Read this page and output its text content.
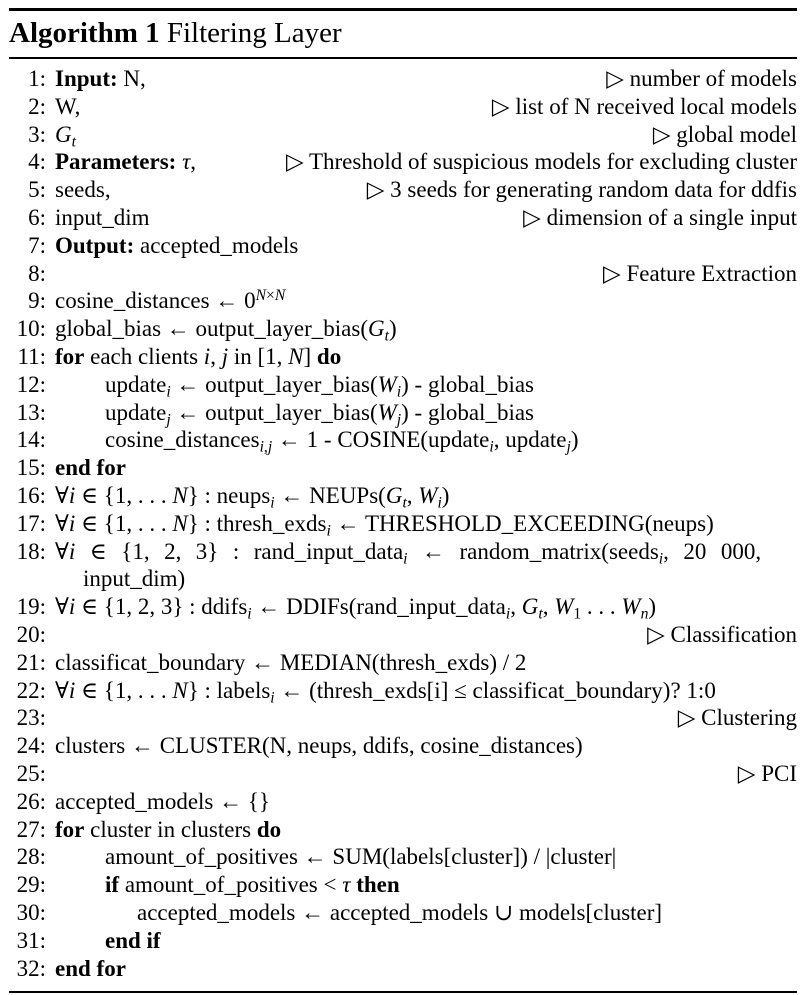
Algorithm 1 Filtering Layer
1: Input: N,	▷ number of models
2: W,	▷ list of N received local models
3: $G_t$	▷ global model
4: Parameters: τ,	▷ Threshold of suspicious models for excluding cluster
5: seeds,	▷ 3 seeds for generating random data for ddfis
6: input_dim	▷ dimension of a single input
7: Output: accepted_models
8:	▷ Feature Extraction
9: cosine_distances ← $0^{N\times N}$
10: global_bias ← $output\_layer\_bias(G_t)$
11: for each clients i, j in [1, N] do
12:	update$_i$ ← $output\_layer\_bias(W_i)$ - global_bias
13:	update$_j$ ← $output\_layer\_bias(W_j)$ - global_bias
14:	cosine_distances$_{i,j}$ ← 1 - COSINE(update$_i$, update$_j$)
15: end for
16: ∀i ∈ {1, . . . N} : neups$_i$ ← $NEUPs(G_t$, $W_i$)
17: ∀i ∈ {1, . . . N} : thresh_exds$_i$ ← THRESHOLD_EXCEEDING(neups)
18: ∀i ∈ {1, 2, 3} : rand_input_data$_i$ ← random_matrix(seeds$_i$, 20 000,
input_dim)
19: ∀i ∈ {1, 2, 3} : ddifs$_i$ ← DDIFs(rand_input_data$_i$, $G_t$, $W_1$ . . . $W_n$)
20:	▷ Classification
21: classificat_boundary ← MEDIAN(thresh_exds) / 2
22: ∀i ∈ {1, . . . N} : labels$_i$ ← (thresh_exds[i] ≤ classificat_boundary)? 1:0
23:	▷ Clustering
24: clusters ← CLUSTER(N, neups, ddifs, cosine_distances)
25:	▷ PCI
26: accepted_models ← {}
27: for cluster in clusters do
28:	amount_of_positives ← SUM(labels[cluster]) / |cluster|
29:	if amount_of_positives < τ then
30:	accepted_models ← accepted_models ∪ models[cluster]
31:	end if
32: end for
